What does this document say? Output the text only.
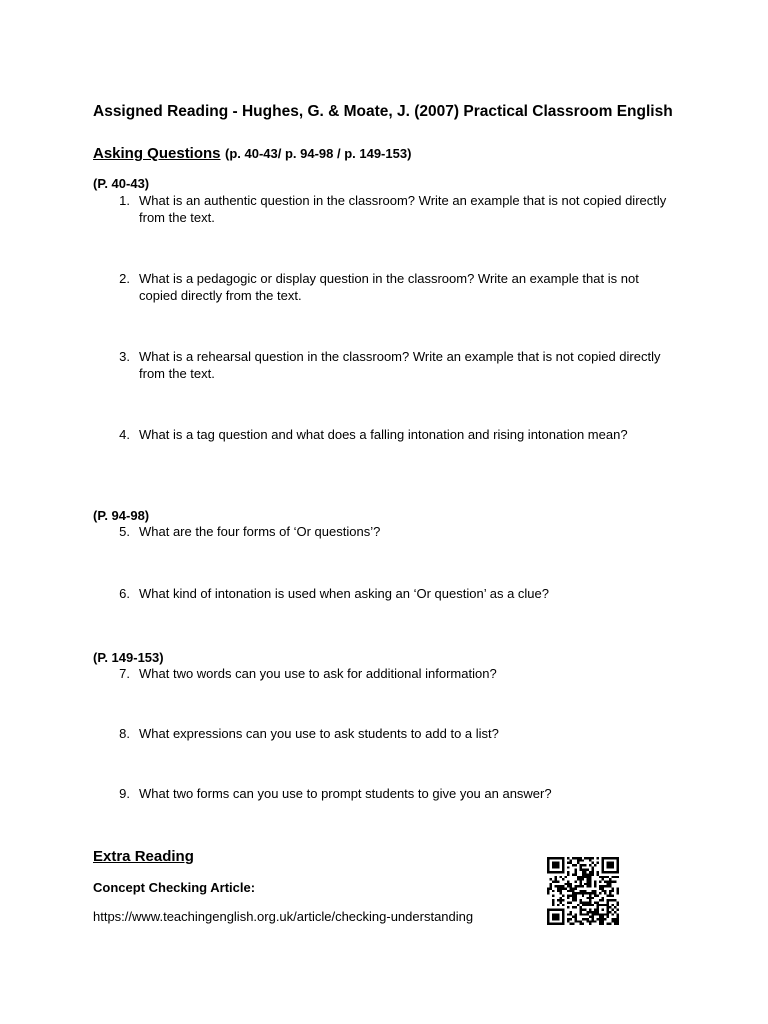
Assigned Reading - Hughes, G. & Moate, J. (2007) Practical Classroom English
Asking Questions (p. 40-43/ p. 94-98 / p. 149-153)
(P. 40-43)
1. What is an authentic question in the classroom? Write an example that is not copied directly from the text.
2. What is a pedagogic or display question in the classroom? Write an example that is not copied directly from the text.
3. What is a rehearsal question in the classroom? Write an example that is not copied directly from the text.
4. What is a tag question and what does a falling intonation and rising intonation mean?
(P. 94-98)
5. What are the four forms of ‘Or questions’?
6. What kind of intonation is used when asking an ‘Or question’ as a clue?
(P. 149-153)
7. What two words can you use to ask for additional information?
8. What expressions can you use to ask students to add to a list?
9. What two forms can you use to prompt students to give you an answer?
Extra Reading
Concept Checking Article:
https://www.teachingenglish.org.uk/article/checking-understanding
